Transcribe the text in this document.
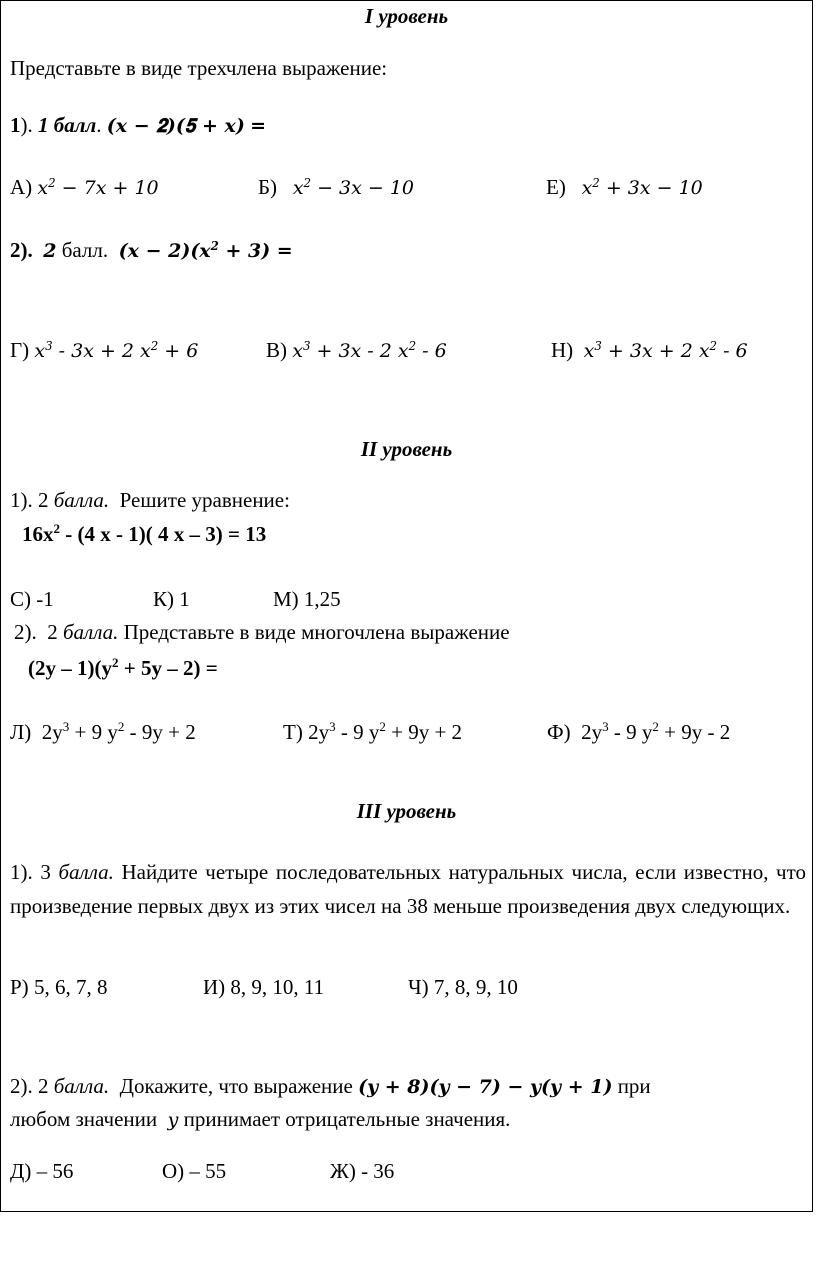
I уровень
Представьте в виде трехчлена выражение:
1). 1 балл. (𝒙 − 𝟐)(𝟓 + 𝒙) =
А) $x^2 - 7x + 10$	Б) $x^2 - 3x - 10$	Е) $x^2 + 3x - 10$
2). 2 балл. $(x - 2)(x^2 + 3)$ =
Г) $x^3 - 3x + 2$ $x^2 + 6$	В) $x^3 + 3x - 2$ $x^2 - 6$	Н) $x^3 + 3x + 2$ $x^2 - 6$
II уровень
1). 2 балла. Решите уравнение:
$16x^2 - (4$ x - 1)( 4 x – 3) = 13
С) -1	К) 1	М) 1,25
2). 2 балла. Представьте в виде многочлена выражение
$(2y - 1)(y^2 + 5y - 2)$ =
Л) $2y^3 + 9$ $y^2 - 9y + 2$	Т) $2y^3 - 9$ $y^2 + 9y + 2$	Ф) $2y^3 - 9$ $y^2 + 9y - 2$
III уровень
1). 3 балла. Найдите четыре последовательных натуральных числа, если известно, что произведение первых двух из этих чисел на 38 меньше произведения двух следующих.
Р) 5, 6, 7, 8	И) 8, 9, 10, 11	Ч) 7, 8, 9, 10
2). 2 балла. Докажите, что выражение (y + 8)(y − 7) − y(y + 1) при
любом значении y принимает отрицательные значения.
Д) – 56	О) – 55	Ж) - 36
